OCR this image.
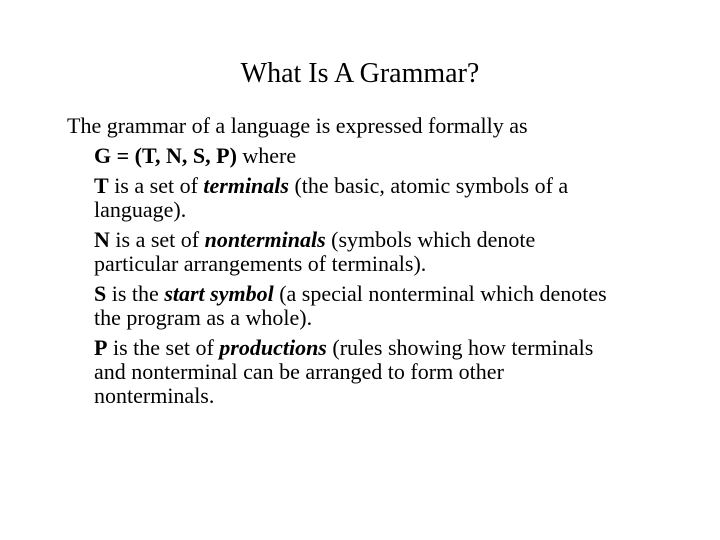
What Is A Grammar?
The grammar of a language is expressed formally as
G = (T, N, S, P) where
T is a set of terminals (the basic, atomic symbols of a
language).
N is a set of nonterminals (symbols which denote
particular arrangements of terminals).
S is the start symbol (a special nonterminal which denotes
the program as a whole).
P is the set of productions (rules showing how terminals
and nonterminal can be arranged to form other
nonterminals.
